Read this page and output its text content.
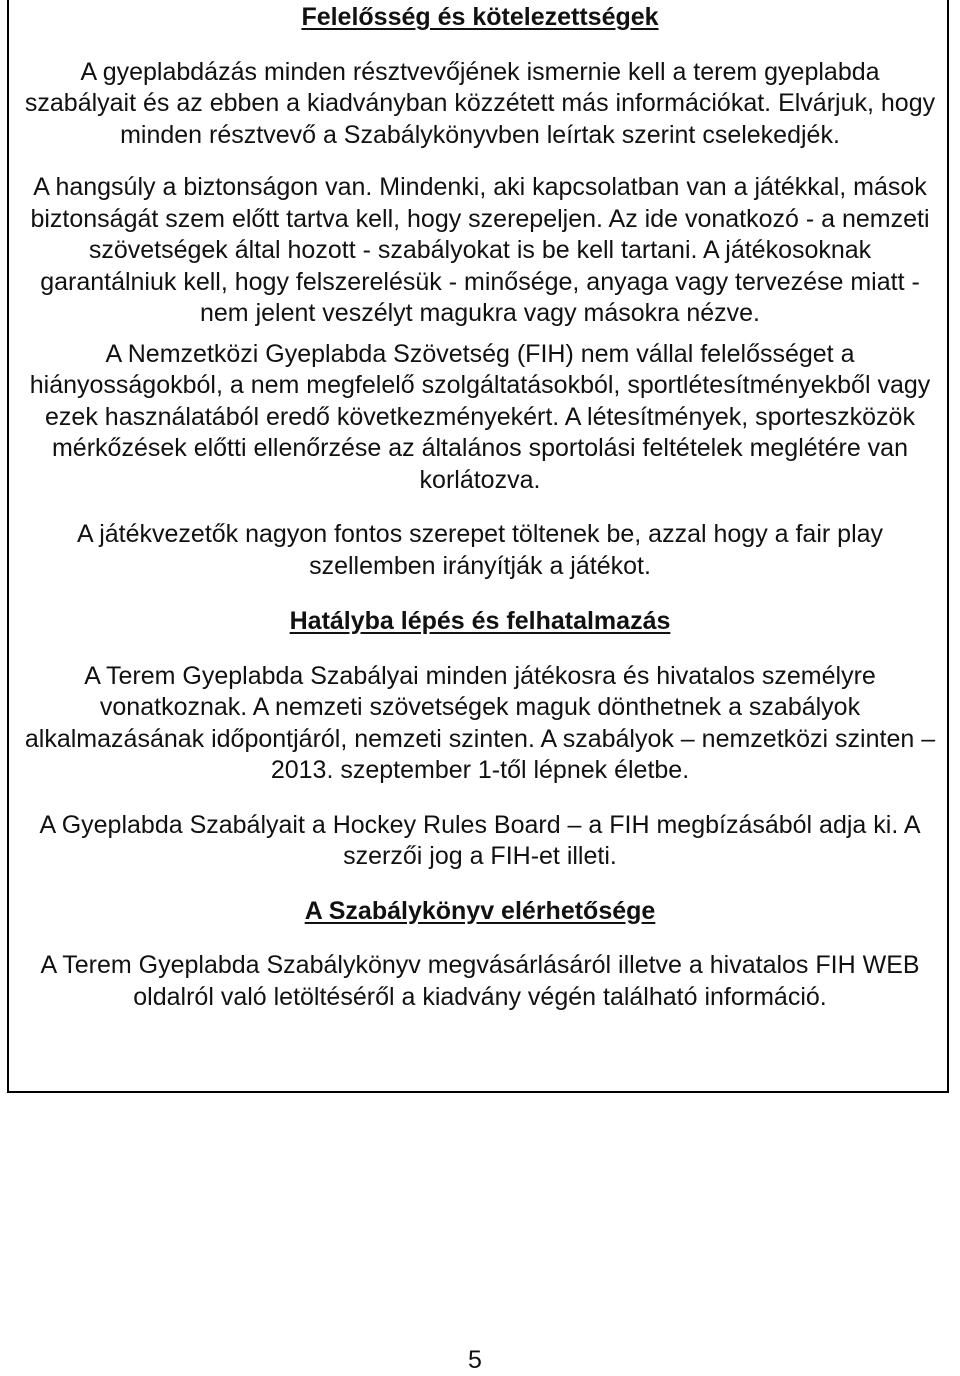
Felelősség és kötelezettségek

A gyeplabdázás minden résztvevőjének ismernie kell a terem gyeplabda szabályait és az ebben a kiadványban közzétett más információkat. Elvárjuk, hogy minden résztvevő a Szabálykönyvben leírtak szerint cselekedjék.

A hangsúly a biztonságon van. Mindenki, aki kapcsolatban van a játékkal, mások biztonságát szem előtt tartva kell, hogy szerepeljen. Az ide vonatkozó - a nemzeti szövetségek által hozott - szabályokat is be kell tartani. A játékosoknak garantálniuk kell, hogy felszerelésük - minősége, anyaga vagy tervezése miatt - nem jelent veszélyt magukra vagy másokra nézve.

A Nemzetközi Gyeplabda Szövetség (FIH) nem vállal felelősséget a hiányosságokból, a nem megfelelő szolgáltatásokból, sportlétesítményekből vagy ezek használatából eredő következményekért. A létesítmények, sporteszközök mérkőzések előtti ellenőrzése az általános sportolási feltételek meglétére van korlátozva.

A játékvezetők nagyon fontos szerepet töltenek be, azzal hogy a fair play szellemben irányítják a játékot.

Hatályba lépés és felhatalmazás

A Terem Gyeplabda Szabályai minden játékosra és hivatalos személyre vonatkoznak. A nemzeti szövetségek maguk dönthetnek a szabályok alkalmazásának időpontjáról, nemzeti szinten. A szabályok – nemzetközi szinten – 2013. szeptember 1-től lépnek életbe.

A Gyeplabda Szabályait a Hockey Rules Board – a FIH megbízásából adja ki. A szerzői jog a FIH-et illeti.

A Szabálykönyv elérhetősége

A Terem Gyeplabda Szabálykönyv megvásárlásáról illetve a hivatalos FIH WEB oldalról való letöltéséről a kiadvány végén található információ.

5
